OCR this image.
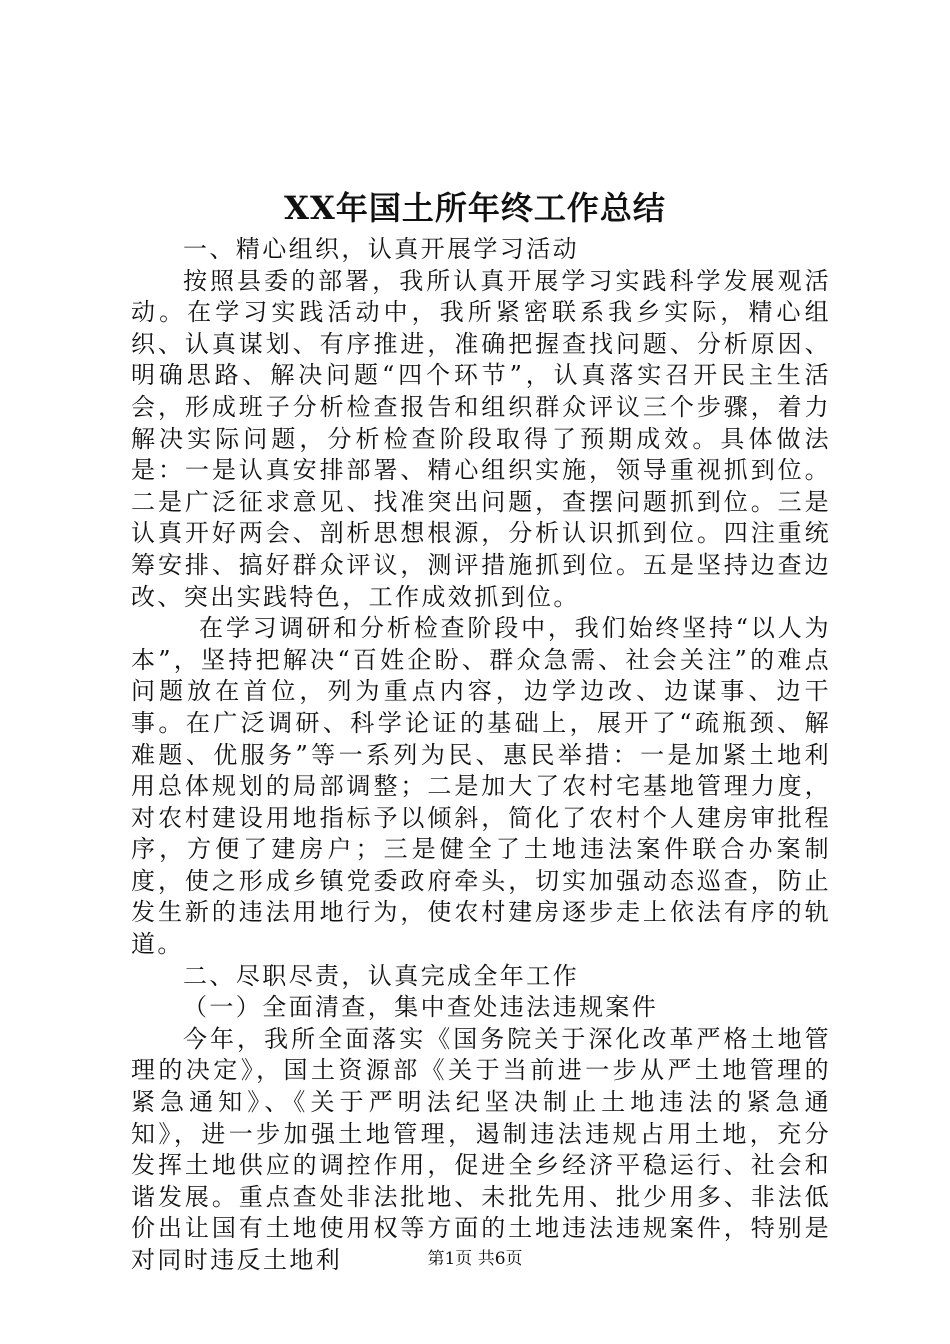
XX年国土所年终工作总结

一、精心组织，认真开展学习活动

按照县委的部署，我所认真开展学习实践科学发展观活动。在学习实践活动中，我所紧密联系我乡实际，精心组织、认真谋划、有序推进，准确把握查找问题、分析原因、明确思路、解决问题“四个环节”，认真落实召开民主生活会，形成班子分析检查报告和组织群众评议三个步骤，着力解决实际问题，分析检查阶段取得了预期成效。具体做法是：一是认真安排部署、精心组织实施，领导重视抓到位。二是广泛征求意见、找准突出问题，查摆问题抓到位。三是认真开好两会、剖析思想根源，分析认识抓到位。四注重统筹安排、搞好群众评议，测评措施抓到位。五是坚持边查边改、突出实践特色，工作成效抓到位。

在学习调研和分析检查阶段中，我们始终坚持“以人为本”，坚持把解决“百姓企盼、群众急需、社会关注”的难点问题放在首位，列为重点内容，边学边改、边谋事、边干事。在广泛调研、科学论证的基础上，展开了“疏瓶颈、解难题、优服务”等一系列为民、惠民举措：一是加紧土地利用总体规划的局部调整；二是加大了农村宅基地管理力度，对农村建设用地指标予以倾斜，简化了农村个人建房审批程序，方便了建房户；三是健全了土地违法案件联合办案制度，使之形成乡镇党委政府牵头，切实加强动态巡查，防止发生新的违法用地行为，使农村建房逐步走上依法有序的轨道。

二、尽职尽责，认真完成全年工作

（一）全面清查，集中查处违法违规案件

今年，我所全面落实《国务院关于深化改革严格土地管理的决定》，国土资源部《关于当前进一步从严土地管理的紧急通知》、《关于严明法纪坚决制止土地违法的紧急通知》，进一步加强土地管理，遏制违法违规占用土地，充分发挥土地供应的调控作用，促进全乡经济平稳运行、社会和谐发展。重点查处非法批地、未批先用、批少用多、非法低价出让国有土地使用权等方面的土地违法违规案件，特别是对同时违反土地利	第1页 共6页
